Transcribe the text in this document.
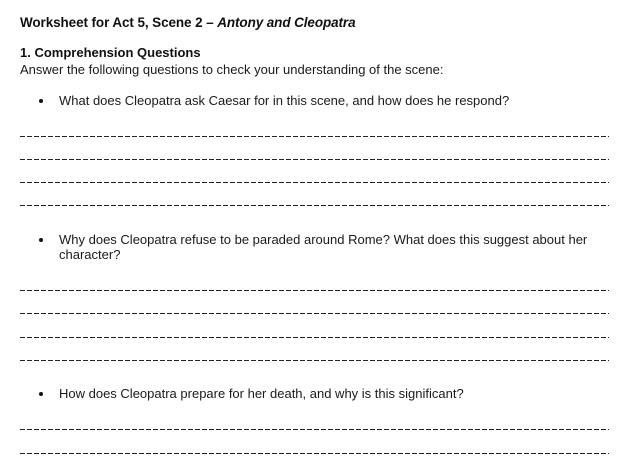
Worksheet for Act 5, Scene 2 – Antony and Cleopatra
1. Comprehension Questions
Answer the following questions to check your understanding of the scene:
What does Cleopatra ask Caesar for in this scene, and how does he respond?
Why does Cleopatra refuse to be paraded around Rome? What does this suggest about her character?
How does Cleopatra prepare for her death, and why is this significant?
